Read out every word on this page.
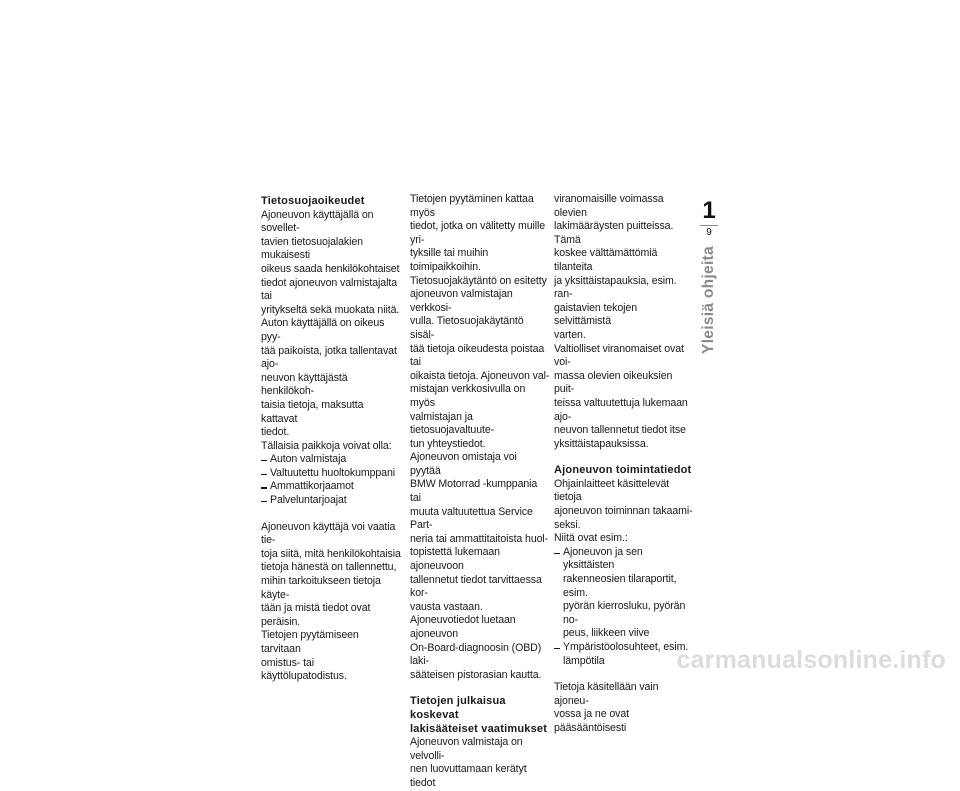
Tietosuojaoikeudet

Ajoneuvon käyttäjällä on sovellet-
tavien tietosuojalakien mukaisesti
oikeus saada henkilökohtaiset
tiedot ajoneuvon valmistajalta tai
yritykseltä sekä muokata niitä.
Auton käyttäjällä on oikeus pyy-
tää paikoista, jotka tallentavat ajo-
neuvon käyttäjästä henkilökoh-
taisia tietoja, maksutta kattavat
tiedot.

Tällaisia paikkoja voivat olla:

Auton valmistaja
Valtuutettu huoltokumppani
Ammattikorjaamot
Palveluntarjoajat

Ajoneuvon käyttäjä voi vaatia tie-
toja siitä, mitä henkilökohtaisia
tietoja hänestä on tallennettu,
mihin tarkoitukseen tietoja käyte-
tään ja mistä tiedot ovat peräisin.
Tietojen pyytämiseen tarvitaan
omistus- tai käyttölupatodistus.

Tietojen pyytäminen kattaa myös
tiedot, jotka on välitetty muille yri-
tyksille tai muihin toimipaikkoihin.
Tietosuojakäytäntö on esitetty
ajoneuvon valmistajan verkkosi-
vulla. Tietosuojakäytäntö sisäl-
tää tietoja oikeudesta poistaa tai
oikaista tietoja. Ajoneuvon val-
mistajan verkkosivulla on myös
valmistajan ja tietosuojavaltuute-
tun yhteystiedot.

Ajoneuvon omistaja voi pyytää
BMW Motorrad -kumppania tai
muuta valtuutettua Service Part-
neria tai ammattitaitoista huol-
topistettä lukemaan ajoneuvoon
tallennetut tiedot tarvittaessa kor-
vausta vastaan.

Ajoneuvotiedot luetaan ajoneuvon
On-Board-diagnoosin (OBD) laki-
sääteisen pistorasian kautta.

Tietojen julkaisua koskevat
lakisääteiset vaatimukset

Ajoneuvon valmistaja on velvolli-
nen luovuttamaan kerätyt tiedot

viranomaisille voimassa olevien
lakimääräysten puitteissa. Tämä
koskee välttämättömiä tilanteita
ja yksittäistapauksia, esim. ran-
gaistavien tekojen selvittämistä
varten.

Valtiolliset viranomaiset ovat voi-
massa olevien oikeuksien puit-
teissa valtuutettuja lukemaan ajo-
neuvon tallennetut tiedot itse
yksittäistapauksissa.

Ajoneuvon toimintatiedot

Ohjainlaitteet käsittelevät tietoja
ajoneuvon toiminnan takaami-
seksi.

Niitä ovat esim.:

Ajoneuvon ja sen yksittäisten
rakenneosien tilaraportit, esim.
pyörän kierrosluku, pyörän no-
peus, liikkeen viive
Ympäristöolosuhteet, esim.
lämpötila

Tietoja käsitellään vain ajoneu-
vossa ja ne ovat pääsääntöisesti

1
9
Yleisiä ohjeita
carmanualsonline.info
